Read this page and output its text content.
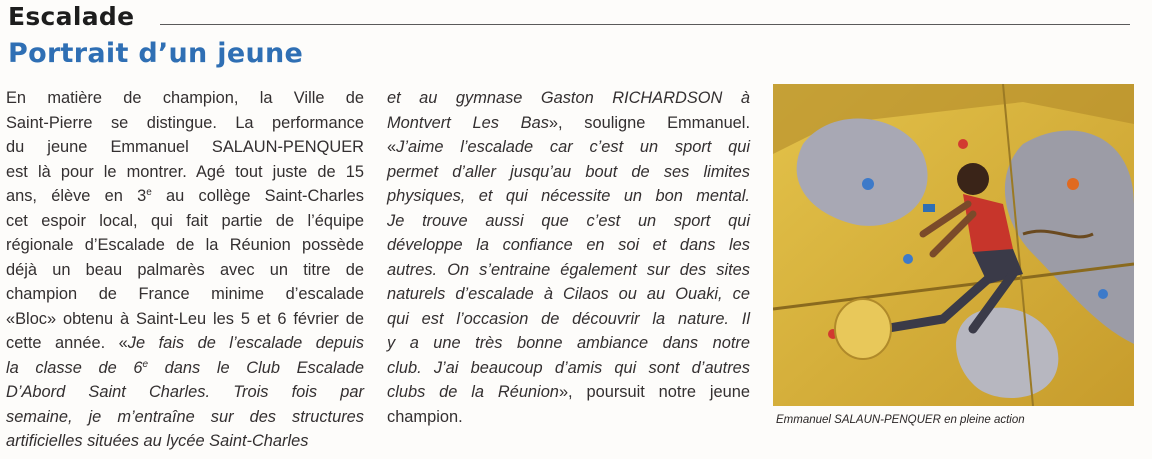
Escalade
Portrait d’un jeune
En matière de champion, la Ville de
Saint-Pierre se distingue. La performance
du jeune Emmanuel SALAUN-PENQUER
est là pour le montrer. Agé tout juste de 15
ans, élève en 3e au collège Saint-Charles
cet espoir local, qui fait partie de l’équipe
régionale d’Escalade de la Réunion possède
déjà un beau palmarès avec un titre de
champion de France minime d’escalade
«Bloc» obtenu à Saint-Leu les 5 et 6 février de
cette année. «Je fais de l’escalade depuis
la classe de 6e dans le Club Escalade
D’Abord Saint Charles. Trois fois par
semaine, je m’entraîne sur des structures
artificielles situées au lycée Saint-Charles
et au gymnase Gaston RICHARDSON à
Montvert Les Bas», souligne Emmanuel.
«J’aime l’escalade car c’est un sport qui
permet d’aller jusqu’au bout de ses limites
physiques, et qui nécessite un bon mental.
Je trouve aussi que c’est un sport qui
développe la confiance en soi et dans les
autres. On s’entraine également sur des sites
naturels d’escalade à Cilaos ou au Ouaki, ce
qui est l’occasion de découvrir la nature. Il
y a une très bonne ambiance dans notre
club. J’ai beaucoup d’amis qui sont d’autres
clubs de la Réunion», poursuit notre jeune
champion.	Emmanuel SALAUN-PENQUER en pleine action
